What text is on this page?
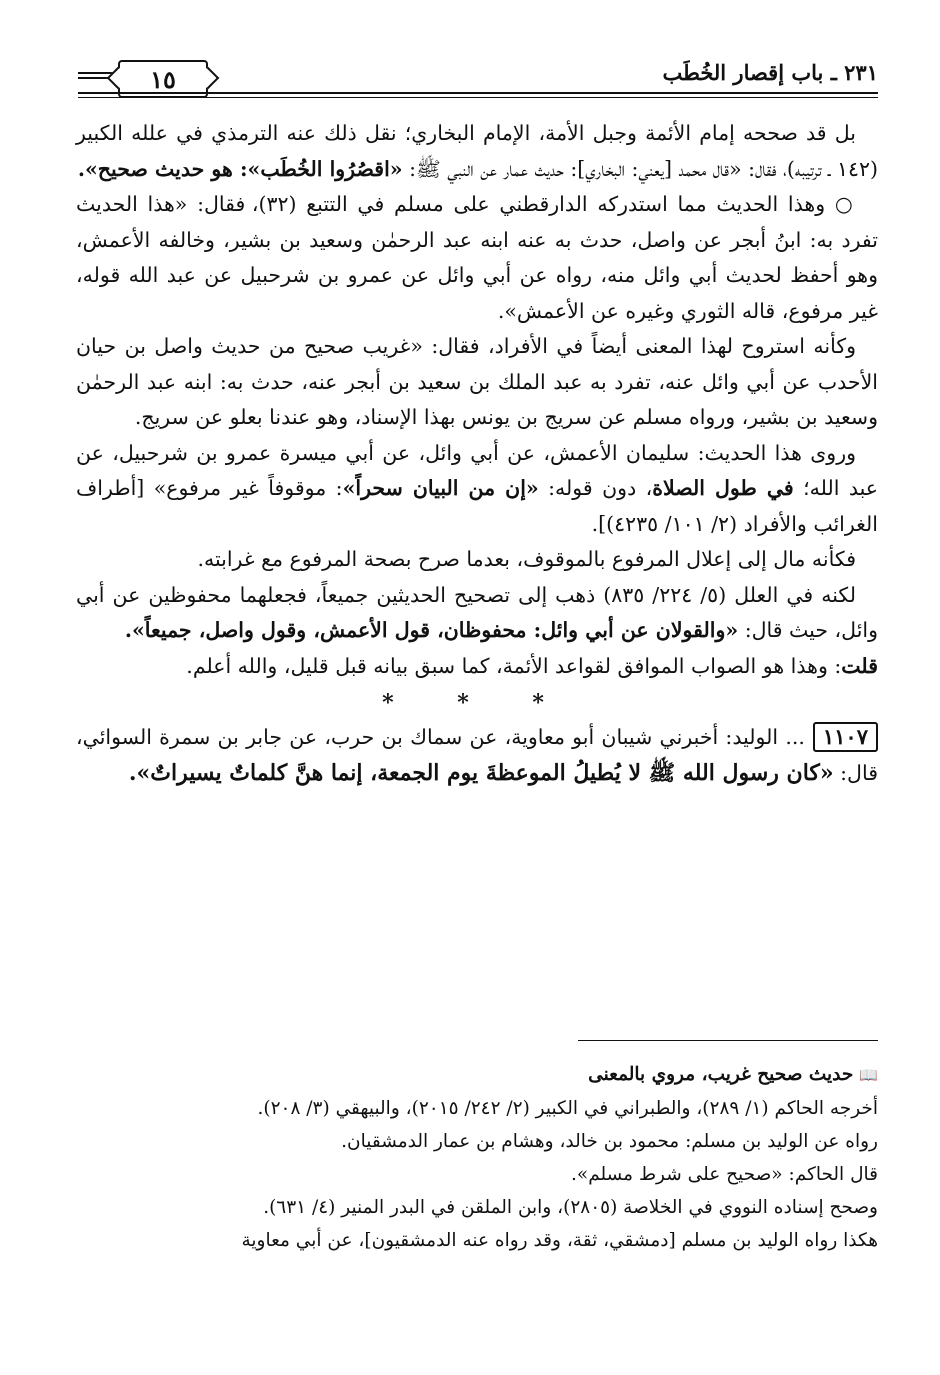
٢٣١ ـ باب إقصار الخُطَب
١٥

بل قد صححه إمام الأئمة وجبل الأمة، الإمام البخاري؛ نقل ذلك عنه الترمذي في علله الكبير (١٤٢ ـ ترتيبه)، فقال: «قال محمد [يعني: البخاري]: حديث عمار عن النبي ﷺ: «اقصُرُوا الخُطَب»: هو حديث صحيح».

○ وهذا الحديث مما استدركه الدارقطني على مسلم في التتبع (٣٢)، فقال: «هذا الحديث تفرد به: ابنُ أبجر عن واصل، حدث به عنه ابنه عبد الرحمٰن وسعيد بن بشير، وخالفه الأعمش، وهو أحفظ لحديث أبي وائل منه، رواه عن أبي وائل عن عمرو بن شرحبيل عن عبد الله قوله، غير مرفوع، قاله الثوري وغيره عن الأعمش».

وكأنه استروح لهذا المعنى أيضاً في الأفراد، فقال: «غريب صحيح من حديث واصل بن حيان الأحدب عن أبي وائل عنه، تفرد به عبد الملك بن سعيد بن أبجر عنه، حدث به: ابنه عبد الرحمٰن وسعيد بن بشير، ورواه مسلم عن سريج بن يونس بهذا الإسناد، وهو عندنا بعلو عن سريج.

وروى هذا الحديث: سليمان الأعمش، عن أبي وائل، عن أبي ميسرة عمرو بن شرحبيل، عن عبد الله؛ في طول الصلاة، دون قوله: «إن من البيان سحراً»: موقوفاً غير مرفوع» [أطراف الغرائب والأفراد (٢/ ١٠١/ ٤٢٣٥)].

فكأنه مال إلى إعلال المرفوع بالموقوف، بعدما صرح بصحة المرفوع مع غرابته.

لكنه في العلل (٥/ ٢٢٤/ ٨٣٥) ذهب إلى تصحيح الحديثين جميعاً، فجعلهما محفوظين عن أبي وائل، حيث قال: «والقولان عن أبي وائل: محفوظان، قول الأعمش، وقول واصل، جميعاً».

قلت: وهذا هو الصواب الموافق لقواعد الأئمة، كما سبق بيانه قبل قليل، والله أعلم.

* * *

١١٠٧... الوليد: أخبرني شيبان أبو معاوية، عن سماك بن حرب، عن جابر بن سمرة السوائي، قال: «كان رسول الله ﷺ لا يُطيلُ الموعظةَ يوم الجمعة، إنما هنَّ كلماتٌ يسيراتٌ».

📖حديث صحيح غريب، مروي بالمعنى

أخرجه الحاكم (١/ ٢٨٩)، والطبراني في الكبير (٢/ ٢٤٢/ ٢٠١٥)، والبيهقي (٣/ ٢٠٨).

رواه عن الوليد بن مسلم: محمود بن خالد، وهشام بن عمار الدمشقيان.

قال الحاكم: «صحيح على شرط مسلم».

وصحح إسناده النووي في الخلاصة (٢٨٠٥)، وابن الملقن في البدر المنير (٤/ ٦٣١).

هكذا رواه الوليد بن مسلم [دمشقي، ثقة، وقد رواه عنه الدمشقيون]، عن أبي معاوية
